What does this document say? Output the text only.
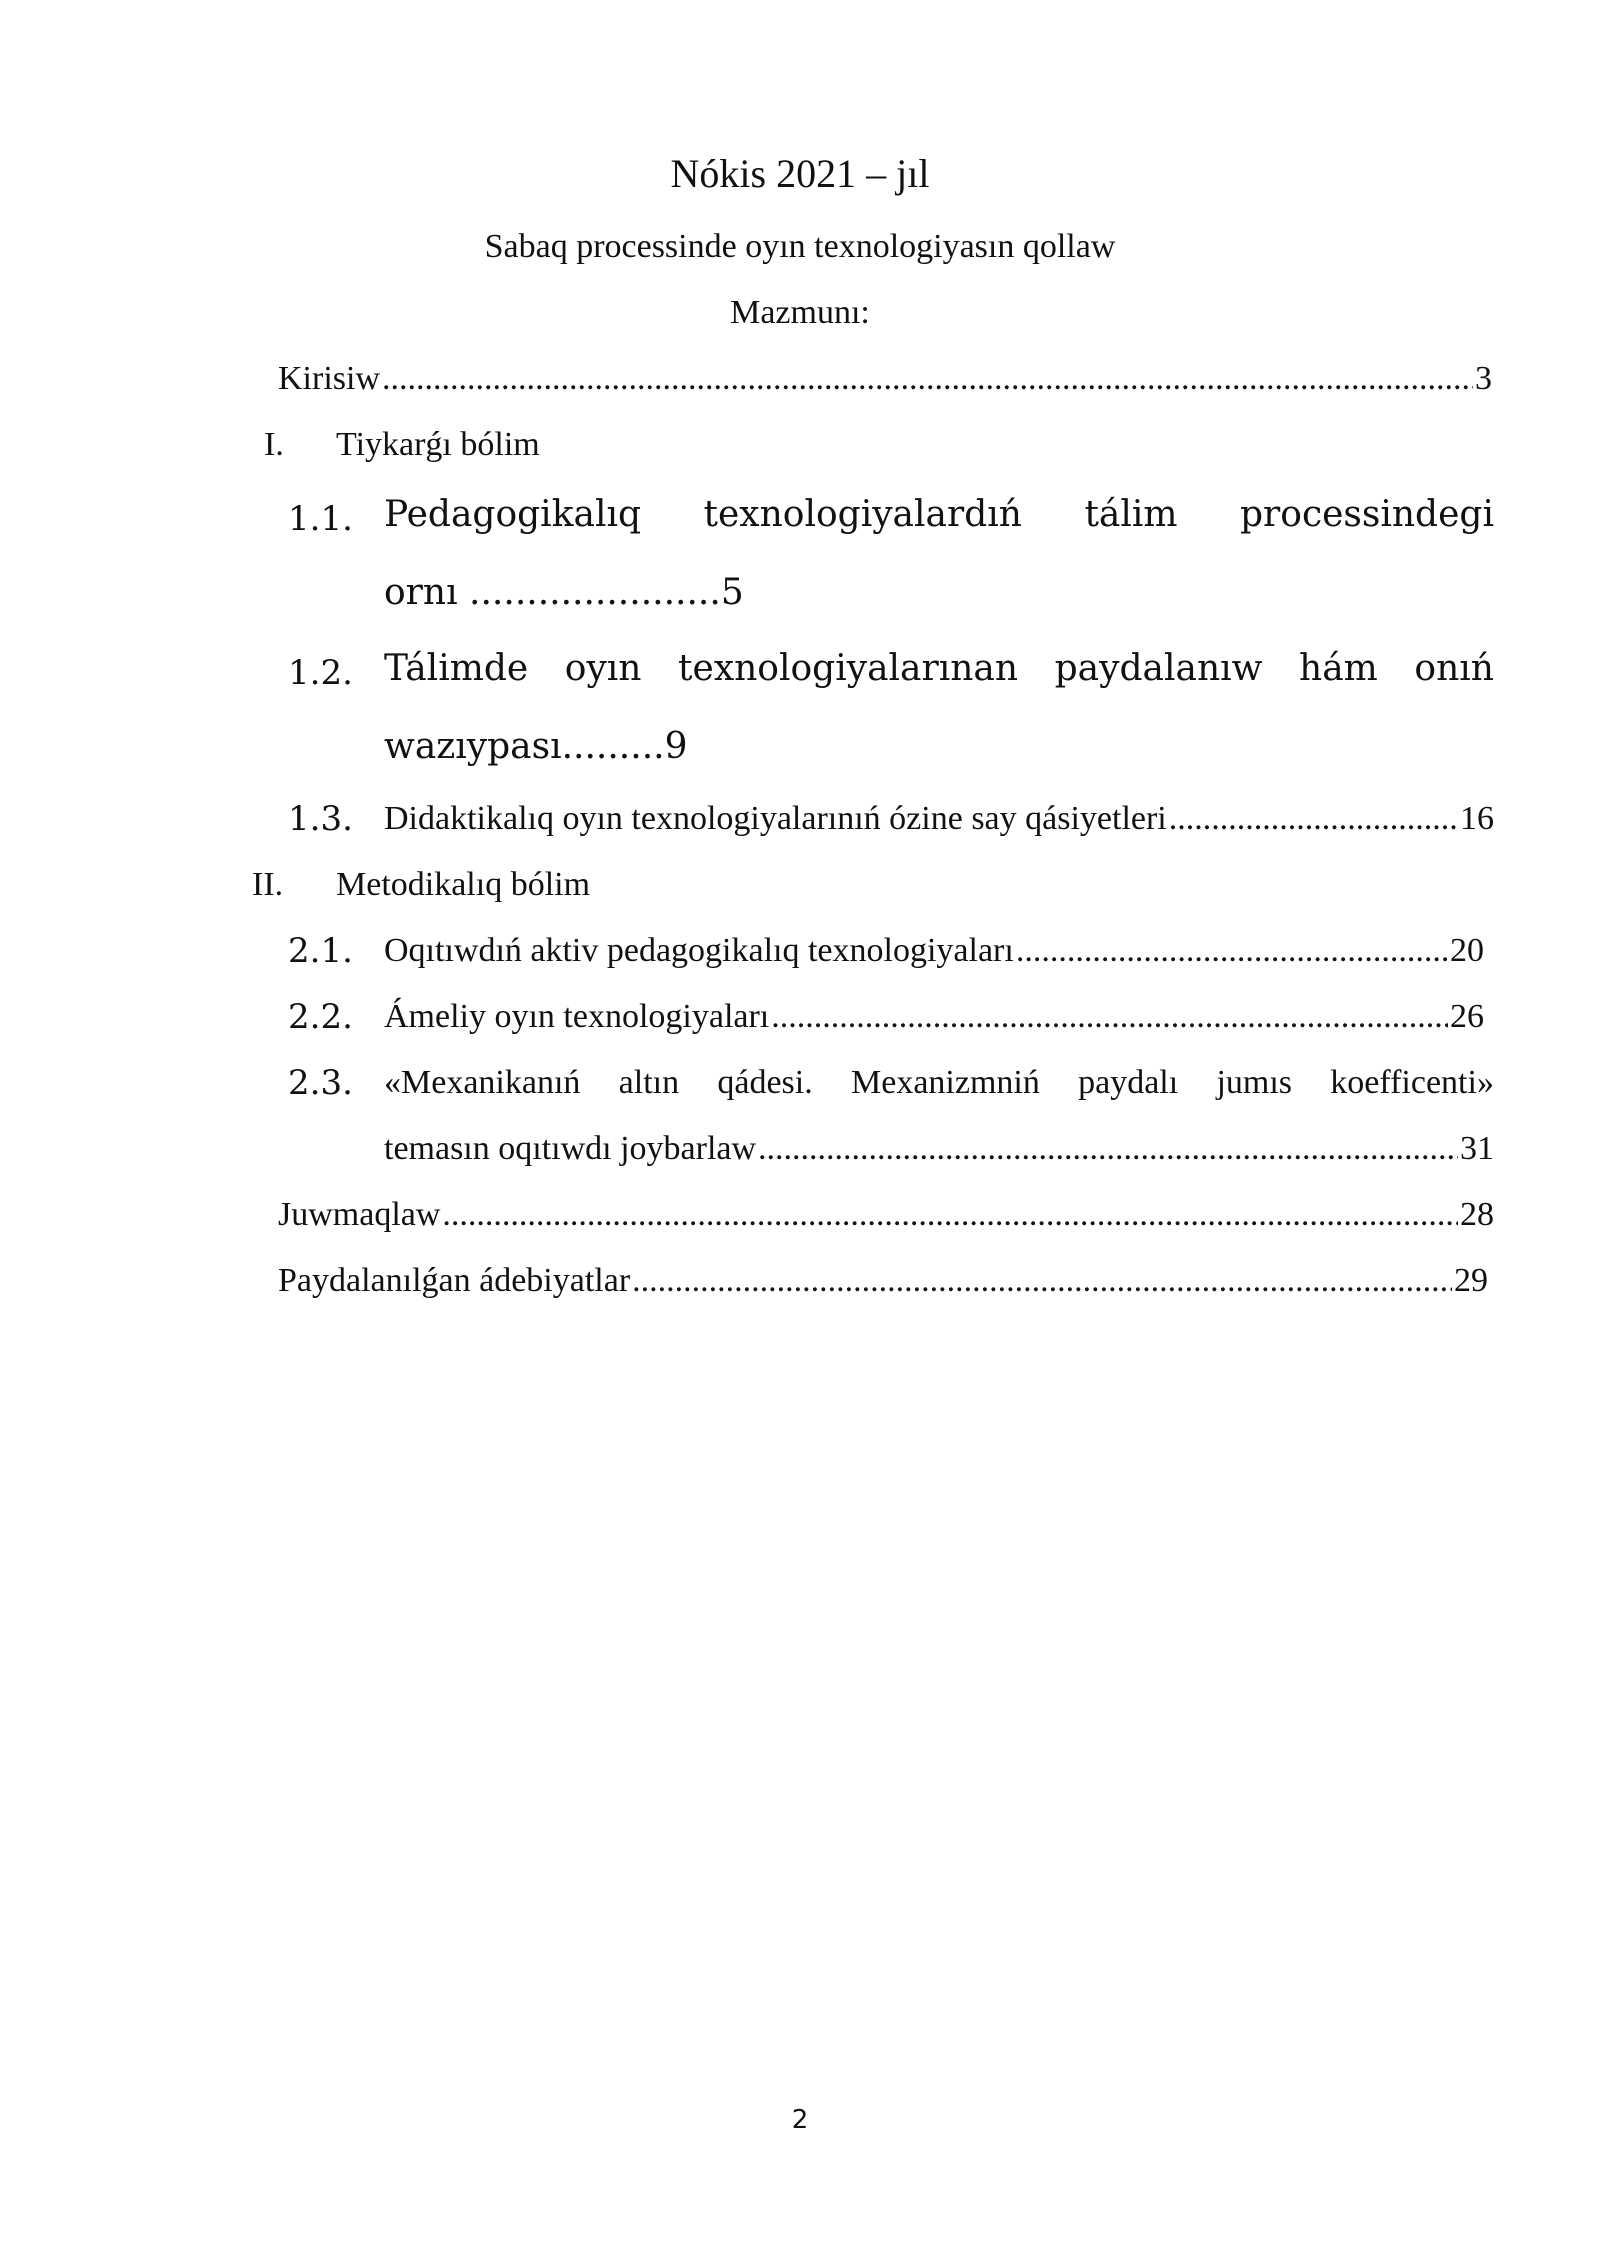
Nókis 2021 – jıl
Sabaq processinde oyın texnologiyasın qollaw
Mazmunı:
Kirisiw .....	3
I. Tiykarǵı bólim
1.1. Pedagogikalıq texnologiyalardıń tálim processindegi
ornı ......................5
1.2. Tálimde oyın texnologiyalarınan paydalanıw hám onıń
wazıypası.........9
1.3. Didaktikalıq oyın texnologiyalarınıń ózine say qásiyetleri .....	16
II. Metodikalıq bólim
2.1. Oqıtıwdıń aktiv pedagogikalıq texnologiyaları .....	20
2.2. Ámeliy oyın texnologiyaları .....	26
2.3. «Mexanikanıń altın qádesi. Mexanizmniń paydalı jumıs koefficenti»
temasın oqıtıwdı joybarlaw .....	31
Juwmaqlaw .....	28
Paydalanılǵan ádebiyatlar .....	29
2
